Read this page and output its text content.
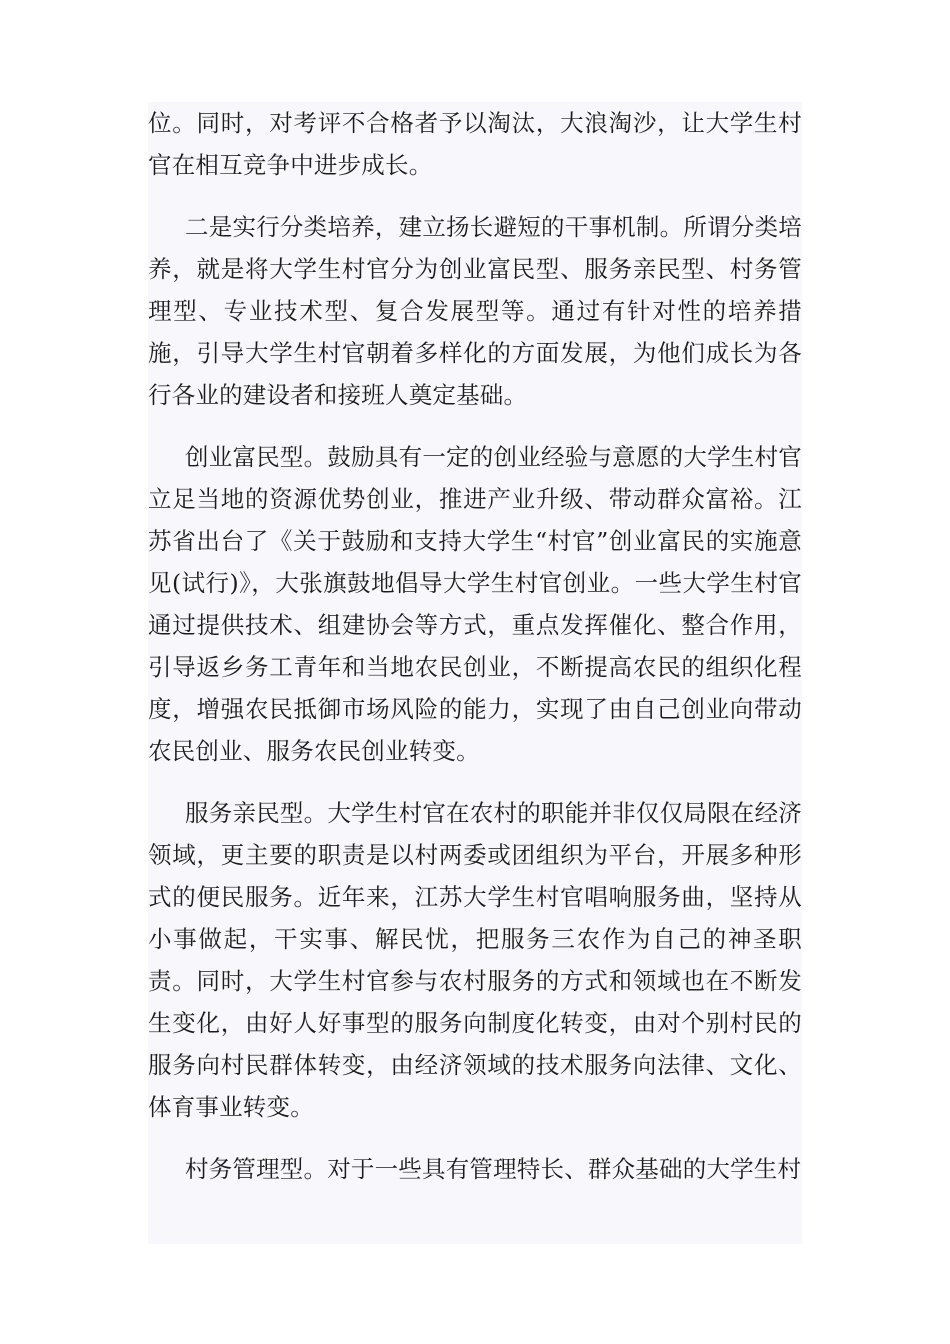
位。同时，对考评不合格者予以淘汰，大浪淘沙，让大学生村官在相互竞争中进步成长。

二是实行分类培养，建立扬长避短的干事机制。所谓分类培养，就是将大学生村官分为创业富民型、服务亲民型、村务管理型、专业技术型、复合发展型等。通过有针对性的培养措施，引导大学生村官朝着多样化的方面发展，为他们成长为各行各业的建设者和接班人奠定基础。

创业富民型。鼓励具有一定的创业经验与意愿的大学生村官立足当地的资源优势创业，推进产业升级、带动群众富裕。江苏省出台了《关于鼓励和支持大学生“村官”创业富民的实施意见(试行)》，大张旗鼓地倡导大学生村官创业。一些大学生村官通过提供技术、组建协会等方式，重点发挥催化、整合作用，引导返乡务工青年和当地农民创业，不断提高农民的组织化程度，增强农民抵御市场风险的能力，实现了由自己创业向带动农民创业、服务农民创业转变。

服务亲民型。大学生村官在农村的职能并非仅仅局限在经济领域，更主要的职责是以村两委或团组织为平台，开展多种形式的便民服务。近年来，江苏大学生村官唱响服务曲，坚持从小事做起，干实事、解民忧，把服务三农作为自己的神圣职责。同时，大学生村官参与农村服务的方式和领域也在不断发生变化，由好人好事型的服务向制度化转变，由对个别村民的服务向村民群体转变，由经济领域的技术服务向法律、文化、体育事业转变。

村务管理型。对于一些具有管理特长、群众基础的大学生村
